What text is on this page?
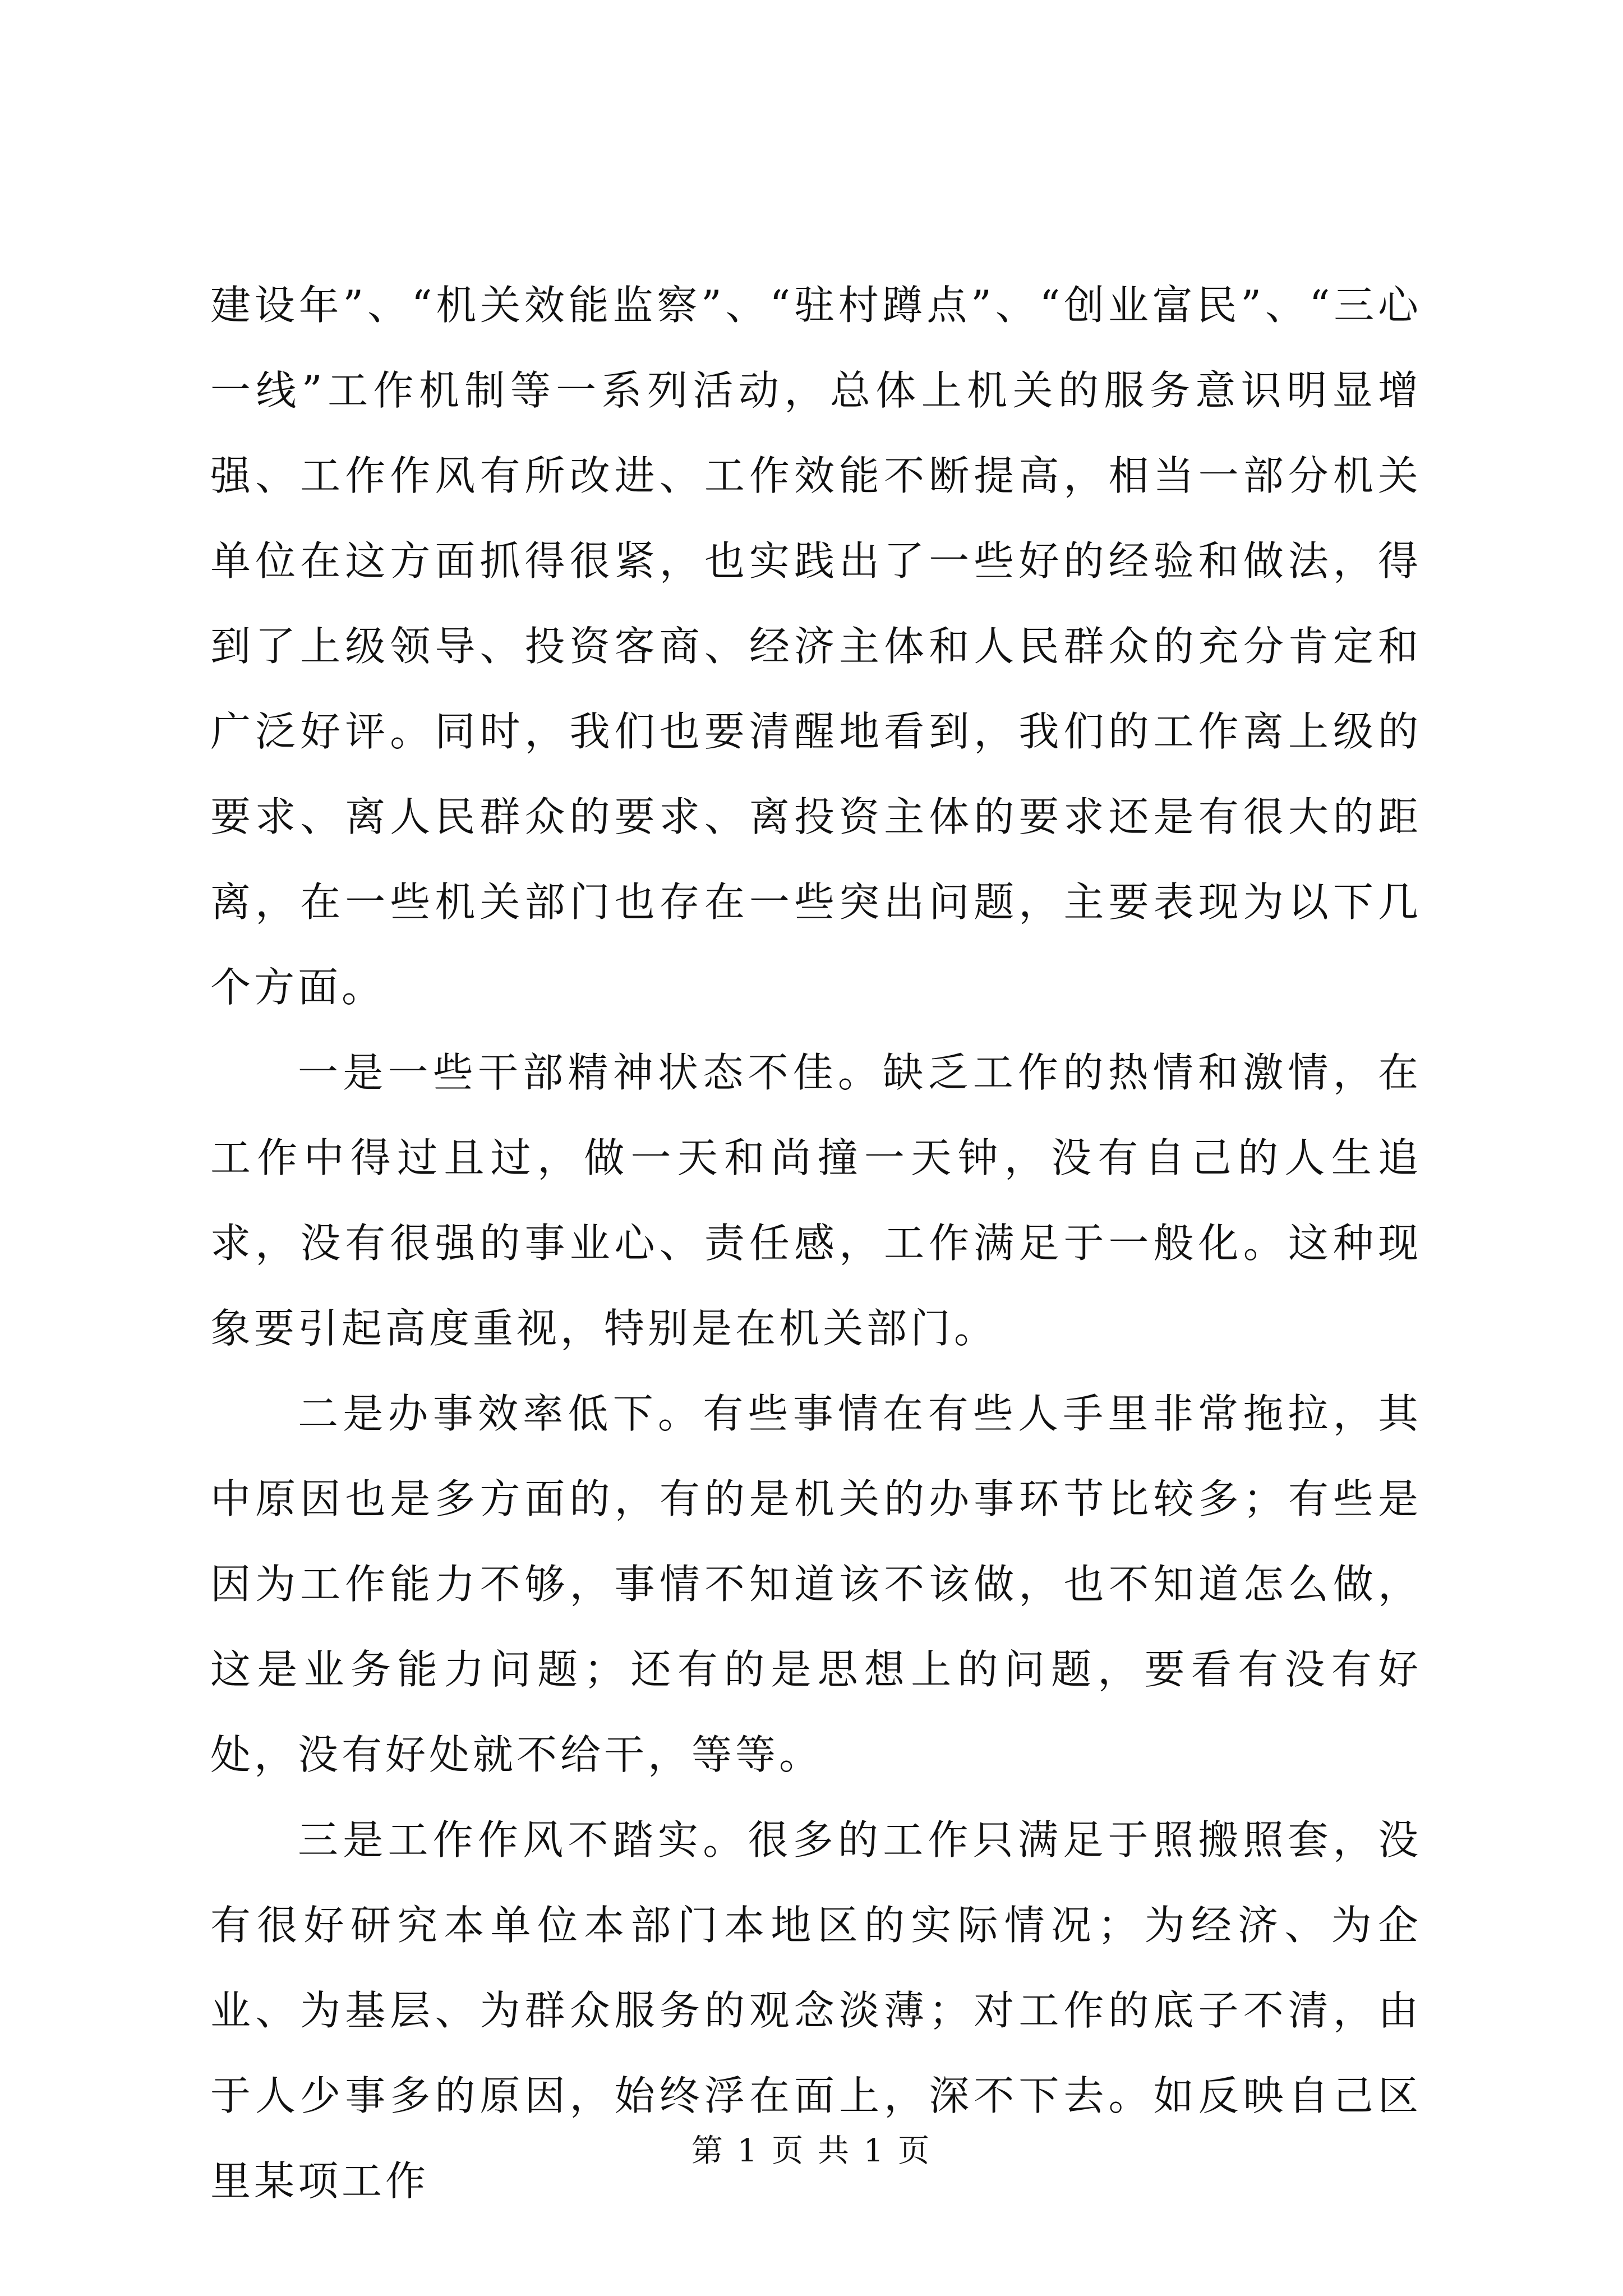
建设年”、“机关效能监察”、“驻村蹲点”、“创业富民”、“三心一线”工作机制等一系列活动，总体上机关的服务意识明显增强、工作作风有所改进、工作效能不断提高，相当一部分机关单位在这方面抓得很紧，也实践出了一些好的经验和做法，得到了上级领导、投资客商、经济主体和人民群众的充分肯定和广泛好评。同时，我们也要清醒地看到，我们的工作离上级的要求、离人民群众的要求、离投资主体的要求还是有很大的距离，在一些机关部门也存在一些突出问题，主要表现为以下几个方面。

一是一些干部精神状态不佳。缺乏工作的热情和激情，在工作中得过且过，做一天和尚撞一天钟，没有自己的人生追求，没有很强的事业心、责任感，工作满足于一般化。这种现象要引起高度重视，特别是在机关部门。

二是办事效率低下。有些事情在有些人手里非常拖拉，其中原因也是多方面的，有的是机关的办事环节比较多；有些是因为工作能力不够，事情不知道该不该做，也不知道怎么做，这是业务能力问题；还有的是思想上的问题，要看有没有好处，没有好处就不给干，等等。

三是工作作风不踏实。很多的工作只满足于照搬照套，没有很好研究本单位本部门本地区的实际情况；为经济、为企业、为基层、为群众服务的观念淡薄；对工作的底子不清，由于人少事多的原因，始终浮在面上，深不下去。如反映自己区里某项工作

第 1 页 共 1 页
